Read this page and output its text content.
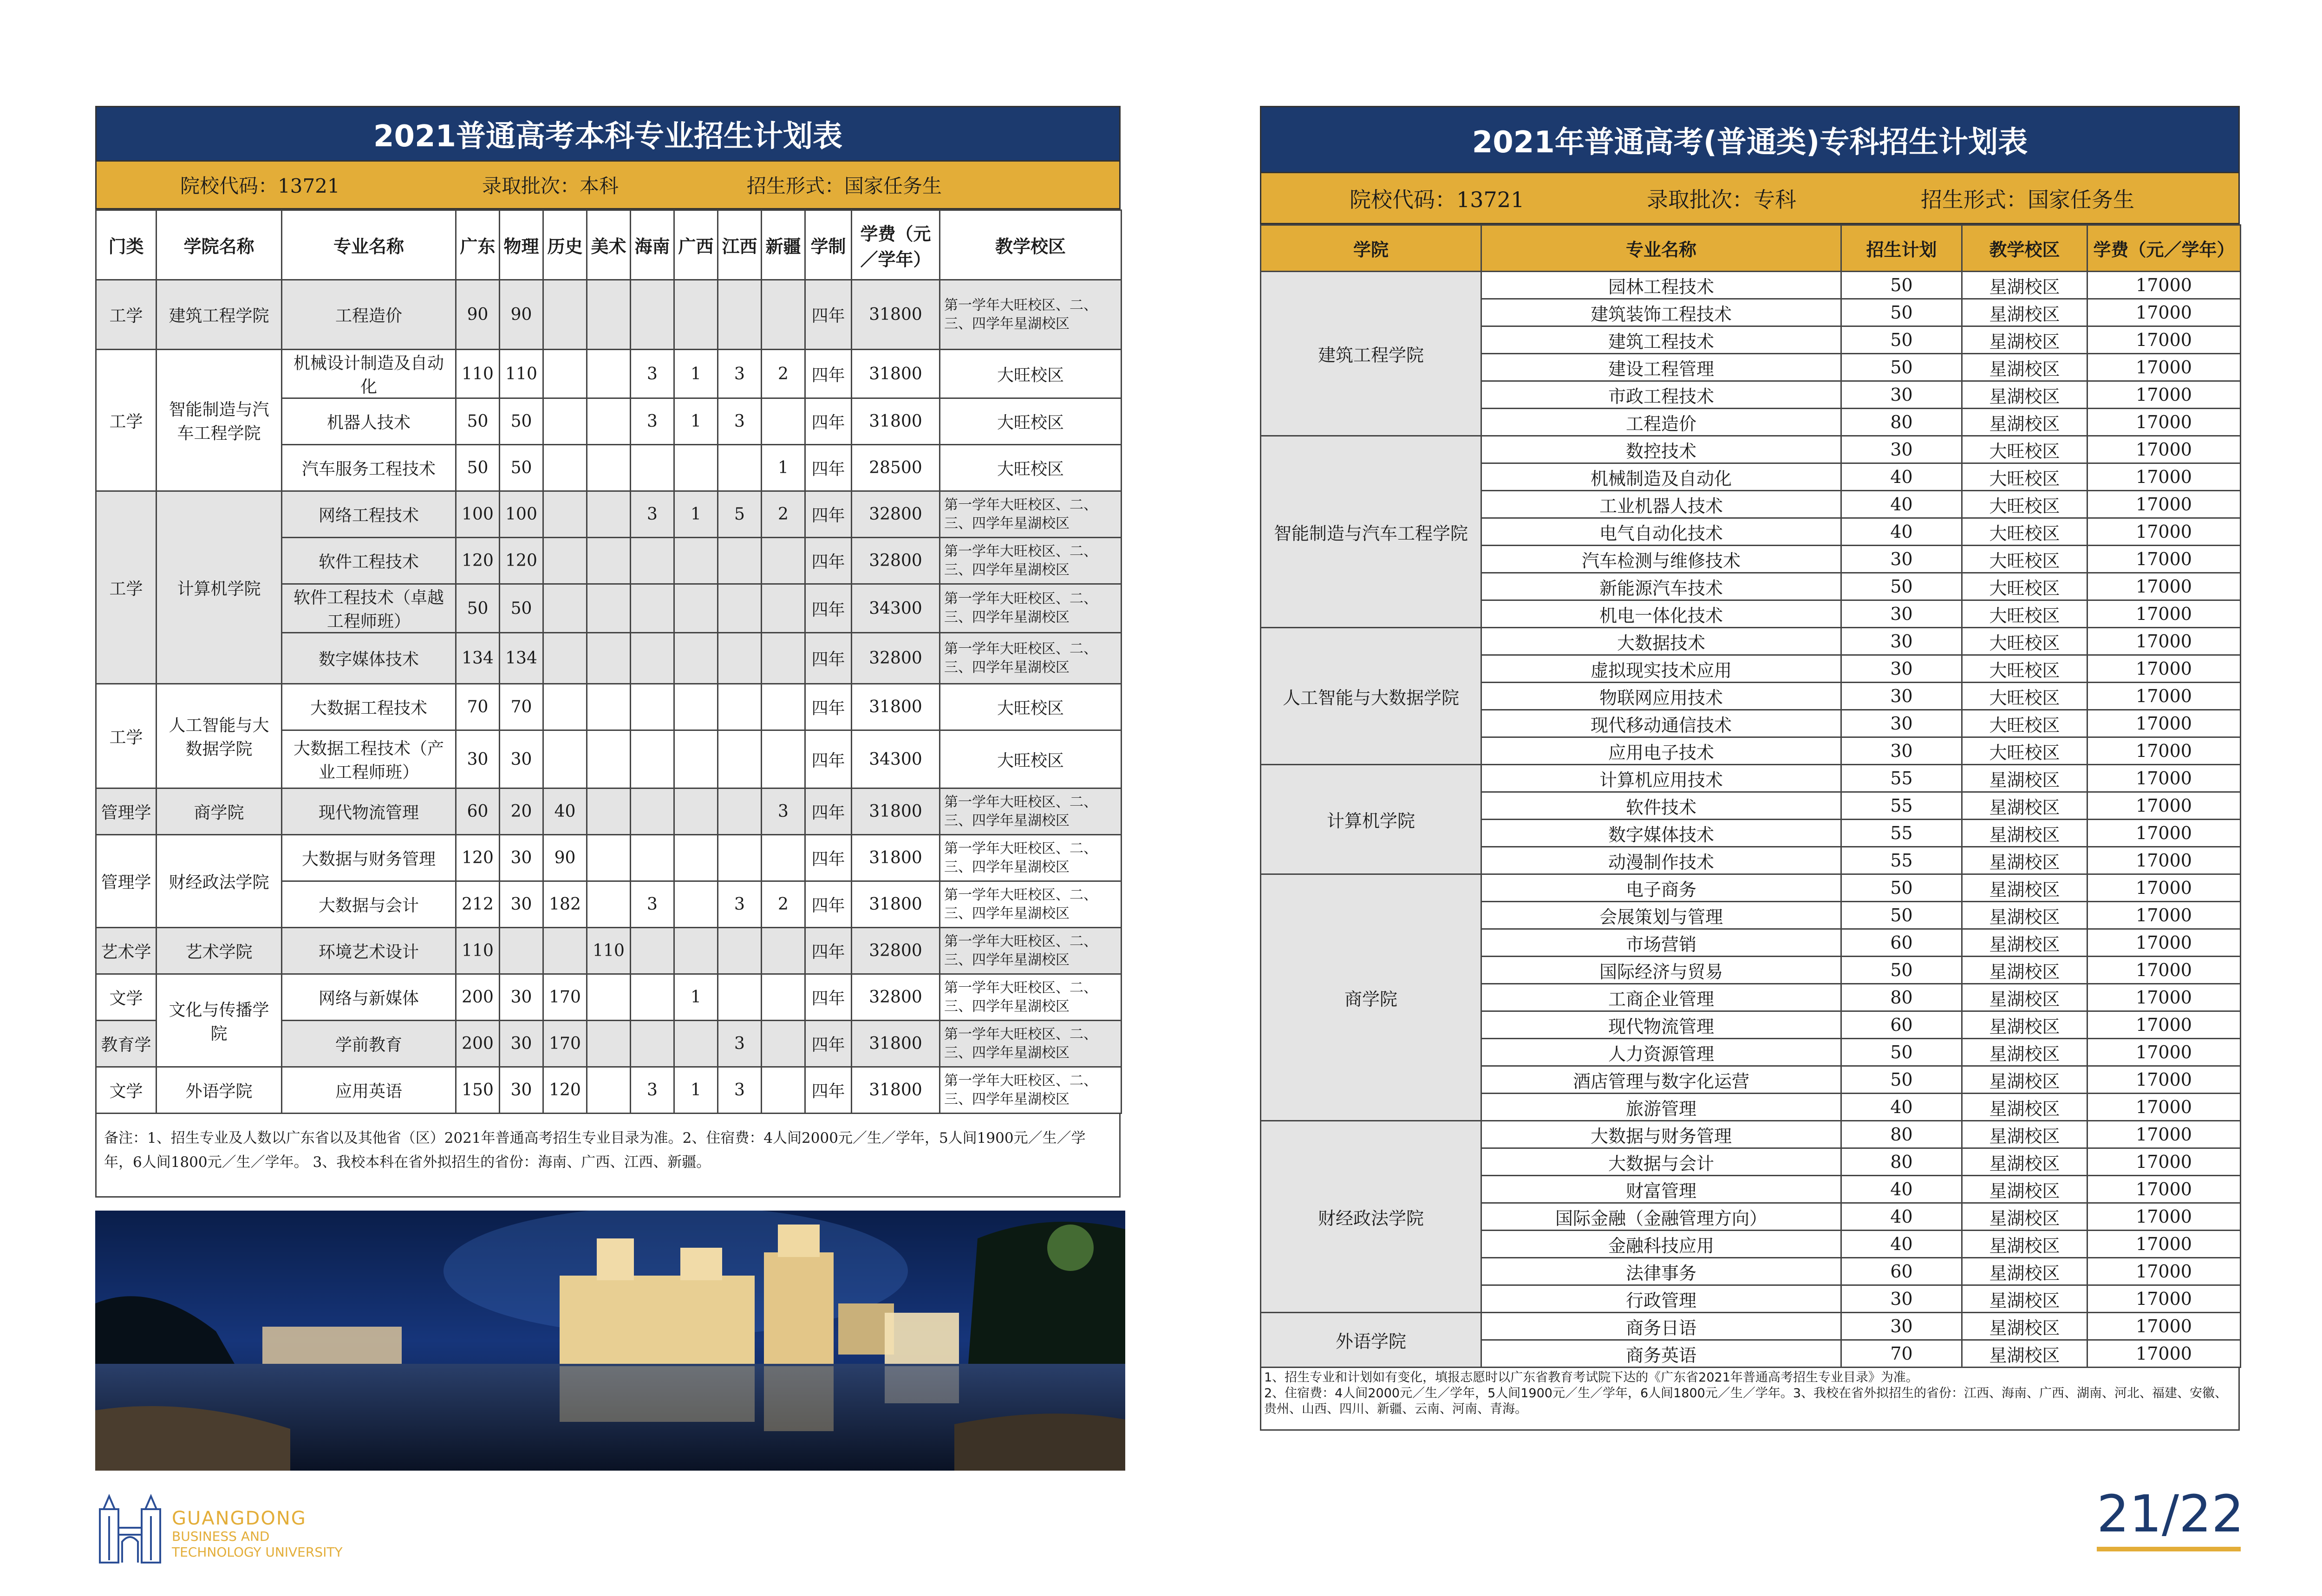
2021普通高考本科专业招生计划表
院校代码：13721	录取批次：本科	招生形式：国家任务生
门类	学院名称	专业名称	广东	物理	历史	美术	海南	广西	江西	新疆	学制	学费（元／学年）	教学校区
工学	建筑工程学院	工程造价	90	90							四年	31800	第一学年大旺校区、二、三、四学年星湖校区
工学	智能制造与汽车工程学院	机械设计制造及自动化	110	110			3	1	3	2	四年	31800	大旺校区
		机器人技术	50	50			3	1	3		四年	31800	大旺校区
		汽车服务工程技术	50	50						1	四年	28500	大旺校区
工学	计算机学院	网络工程技术	100	100			3	1	5	2	四年	32800	第一学年大旺校区、二、三、四学年星湖校区
		软件工程技术	120	120							四年	32800	第一学年大旺校区、二、三、四学年星湖校区
		软件工程技术（卓越工程师班）	50	50							四年	34300	第一学年大旺校区、二、三、四学年星湖校区
		数字媒体技术	134	134							四年	32800	第一学年大旺校区、二、三、四学年星湖校区
工学	人工智能与大数据学院	大数据工程技术	70	70							四年	31800	大旺校区
		大数据工程技术（产业工程师班）	30	30							四年	34300	大旺校区
管理学	商学院	现代物流管理	60	20	40					3	四年	31800	第一学年大旺校区、二、三、四学年星湖校区
管理学	财经政法学院	大数据与财务管理	120	30	90						四年	31800	第一学年大旺校区、二、三、四学年星湖校区
		大数据与会计	212	30	182		3		3	2	四年	31800	第一学年大旺校区、二、三、四学年星湖校区
艺术学	艺术学院	环境艺术设计	110			110					四年	32800	第一学年大旺校区、二、三、四学年星湖校区
文学	文化与传播学院	网络与新媒体	200	30	170			1			四年	32800	第一学年大旺校区、二、三、四学年星湖校区
教育学		学前教育	200	30	170				3		四年	31800	第一学年大旺校区、二、三、四学年星湖校区
文学	外语学院	应用英语	150	30	120		3	1	3		四年	31800	第一学年大旺校区、二、三、四学年星湖校区
备注：1、招生专业及人数以广东省以及其他省（区）2021年普通高考招生专业目录为准。2、住宿费：4人间2000元／生／学年，5人间1900元／生／学年，6人间1800元／生／学年。 3、我校本科在省外拟招生的省份：海南、广西、江西、新疆。
GUANGDONG
BUSINESS AND
TECHNOLOGY UNIVERSITY
2021年普通高考(普通类)专科招生计划表
院校代码：13721	录取批次：专科	招生形式：国家任务生
学院	专业名称	招生计划	教学校区	学费（元／学年）
建筑工程学院	园林工程技术	50	星湖校区	17000
	建筑装饰工程技术	50	星湖校区	17000
	建筑工程技术	50	星湖校区	17000
	建设工程管理	50	星湖校区	17000
	市政工程技术	30	星湖校区	17000
	工程造价	80	星湖校区	17000
智能制造与汽车工程学院	数控技术	30	大旺校区	17000
	机械制造及自动化	40	大旺校区	17000
	工业机器人技术	40	大旺校区	17000
	电气自动化技术	40	大旺校区	17000
	汽车检测与维修技术	30	大旺校区	17000
	新能源汽车技术	50	大旺校区	17000
	机电一体化技术	30	大旺校区	17000
人工智能与大数据学院	大数据技术	30	大旺校区	17000
	虚拟现实技术应用	30	大旺校区	17000
	物联网应用技术	30	大旺校区	17000
	现代移动通信技术	30	大旺校区	17000
	应用电子技术	30	大旺校区	17000
计算机学院	计算机应用技术	55	星湖校区	17000
	软件技术	55	星湖校区	17000
	数字媒体技术	55	星湖校区	17000
	动漫制作技术	55	星湖校区	17000
商学院	电子商务	50	星湖校区	17000
	会展策划与管理	50	星湖校区	17000
	市场营销	60	星湖校区	17000
	国际经济与贸易	50	星湖校区	17000
	工商企业管理	80	星湖校区	17000
	现代物流管理	60	星湖校区	17000
	人力资源管理	50	星湖校区	17000
	酒店管理与数字化运营	50	星湖校区	17000
	旅游管理	40	星湖校区	17000
财经政法学院	大数据与财务管理	80	星湖校区	17000
	大数据与会计	80	星湖校区	17000
	财富管理	40	星湖校区	17000
	国际金融（金融管理方向）	40	星湖校区	17000
	金融科技应用	40	星湖校区	17000
	法律事务	60	星湖校区	17000
	行政管理	30	星湖校区	17000
外语学院	商务日语	30	星湖校区	17000
	商务英语	70	星湖校区	17000
1、招生专业和计划如有变化，填报志愿时以广东省教育考试院下达的《广东省2021年普通高考招生专业目录》为准。
2、住宿费：4人间2000元／生／学年，5人间1900元／生／学年，6人间1800元／生／学年。3、我校在省外拟招生的省份：江西、海南、广西、湖南、河北、福建、安徽、贵州、山西、四川、新疆、云南、河南、青海。
21/22
